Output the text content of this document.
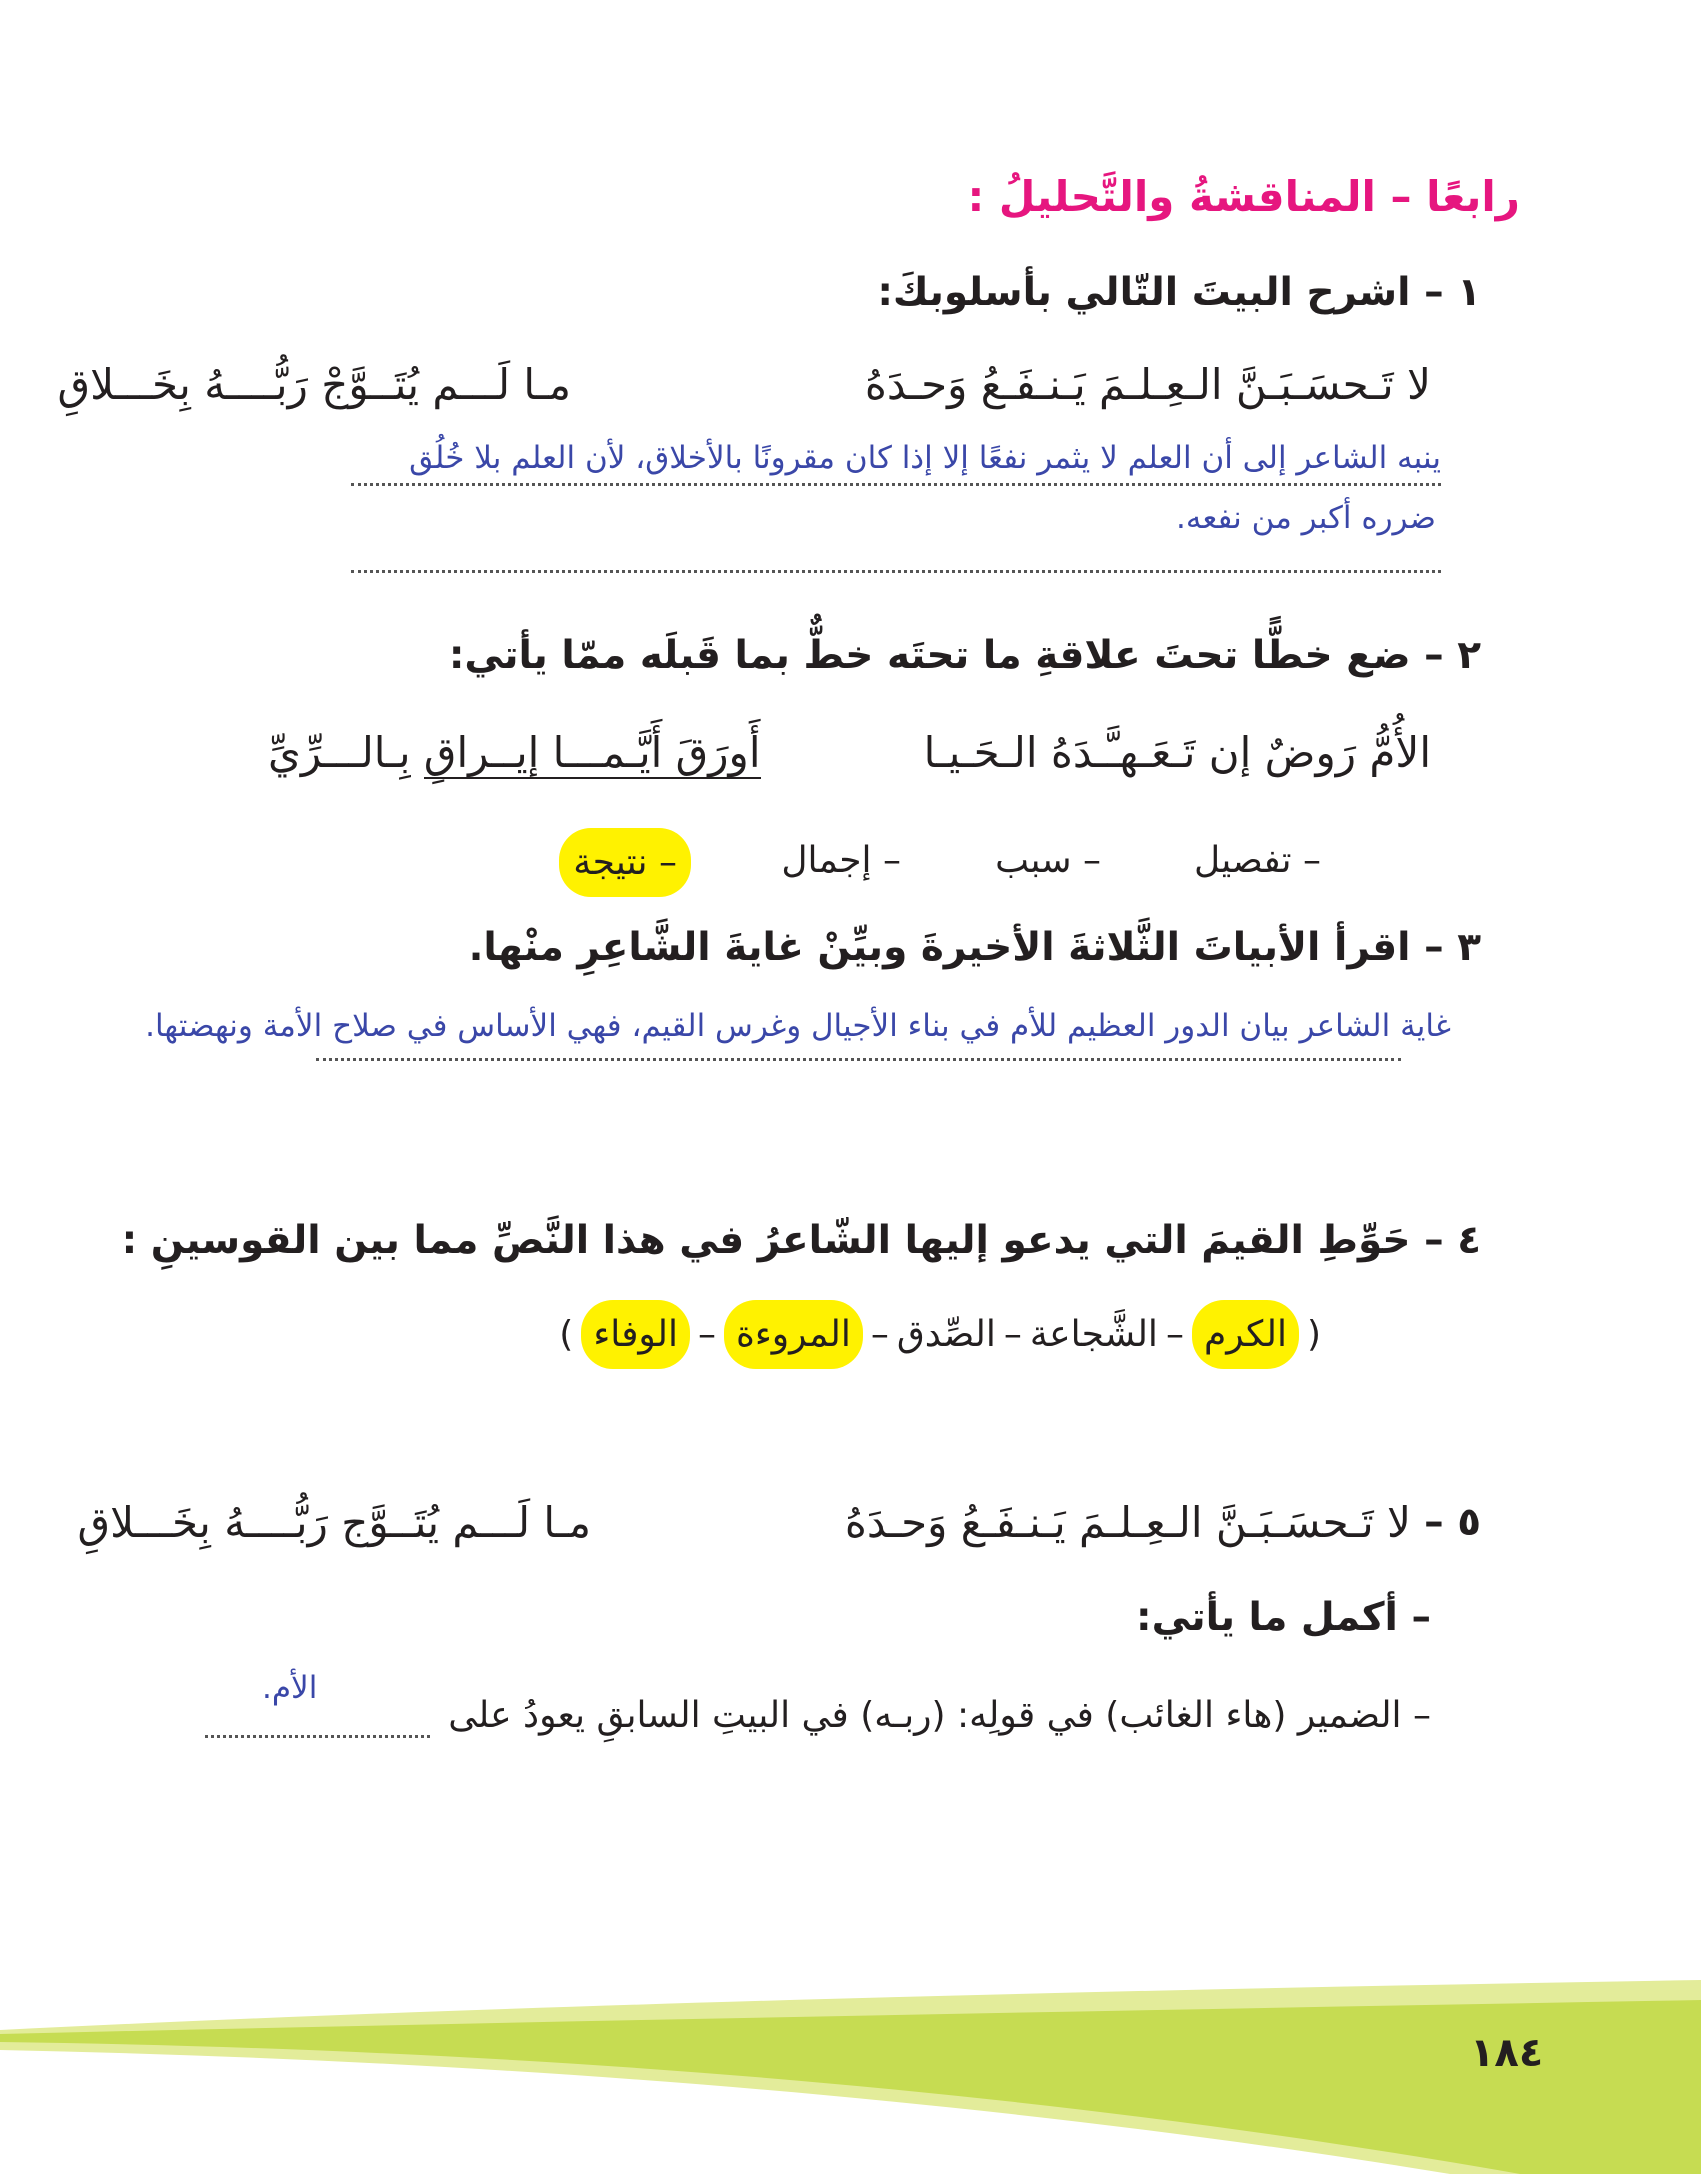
رابعًا – المناقشةُ والتَّحليلُ :
١ – اشرح البيتَ التّالي بأسلوبكَ:
لا تَـحسَـبَـنَّ الـعِـلـمَ يَـنـفَـعُ وَحـدَهُ
مـا لَـــم يُتَــوَّجْ رَبُّــــهُ بِخَـــلاقِ
ينبه الشاعر إلى أن العلم لا يثمر نفعًا إلا إذا كان مقرونًا بالأخلاق، لأن العلم بلا خُلُق
ضرره أكبر من نفعه.
٢ – ضع خطًّا تحتَ علاقةِ ما تحتَه خطٌّ بما قَبلَه ممّا يأتي:
الأُمُّ رَوضٌ إن تَـعَـهـَّـدَهُ الـحَـيـا
أَورَقَ أَيَّـمـــا إيــراقِ بِـالـــرِّيِّ
– تفصيل
– سبب
– إجمال
– نتيجة
٣ – اقرأ الأبياتَ الثَّلاثةَ الأخيرةَ وبيِّنْ غايةَ الشَّاعِرِ منْها.
غاية الشاعر بيان الدور العظيم للأم في بناء الأجيال وغرس القيم، فهي الأساس في صلاح الأمة ونهضتها.
٤ – حَوِّطِ القيمَ التي يدعو إليها الشّاعرُ في هذا النَّصِّ مما بين القوسينِ :
(
الكرم
–
الشَّجاعة
–
الصِّدق
–
المروءة
–
الوفاء
)
٥ –
لا تَـحسَـبَـنَّ الـعِـلـمَ يَـنـفَـعُ وَحـدَهُ
مـا لَـــم يُتَــوَّج رَبُّــــهُ بِخَـــلاقِ
– أكمل ما يأتي:
– الضمير (هاء الغائب) في قولِه: (ربـه) في البيتِ السابقِ يعودُ على
الأم.
١٨٤
